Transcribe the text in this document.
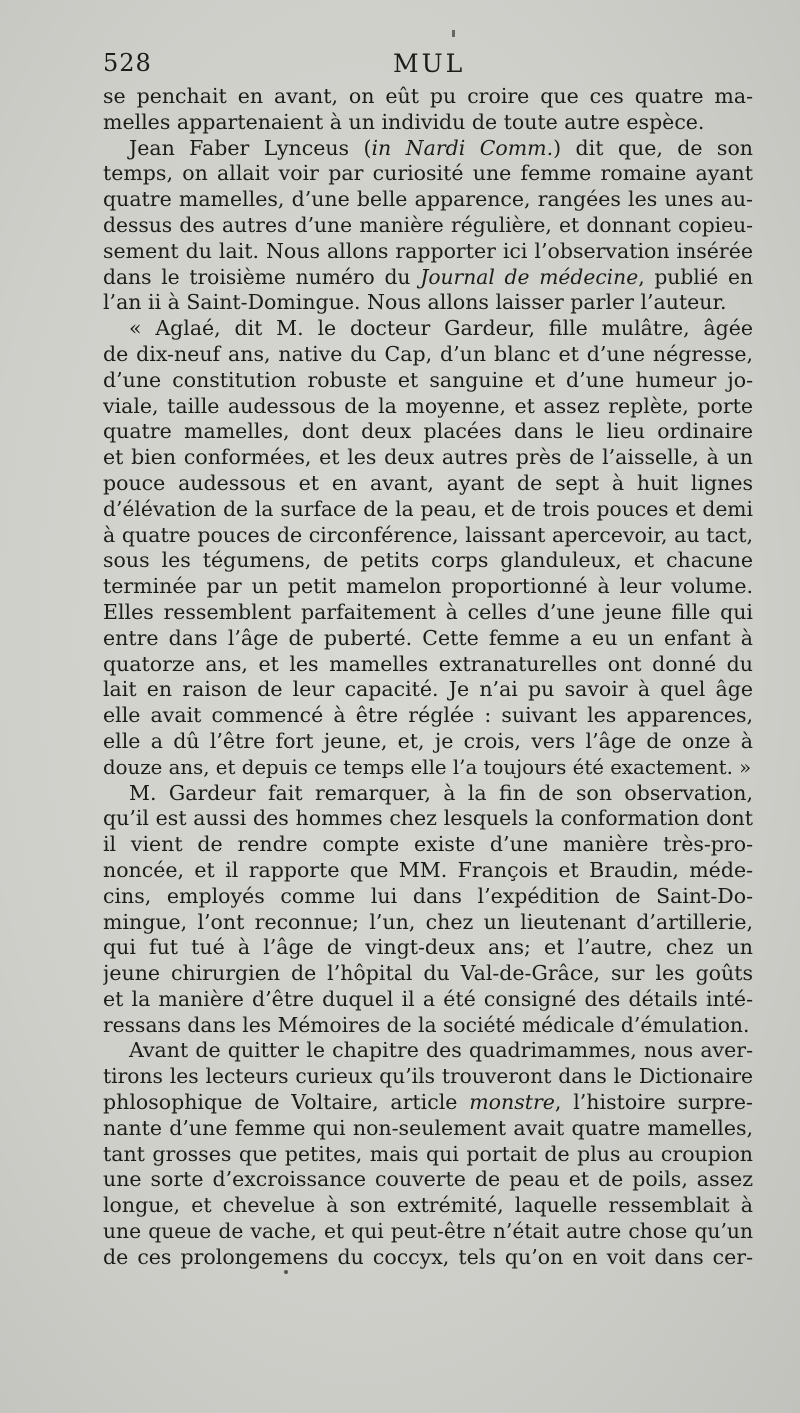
528	MUL
se penchait en avant, on eût pu croire que ces quatre ma-
melles appartenaient à un individu de toute autre espèce.
Jean Faber Lynceus (in Nardi Comm.) dit que, de son
temps, on allait voir par curiosité une femme romaine ayant
quatre mamelles, d’une belle apparence, rangées les unes au-
dessus des autres d’une manière régulière, et donnant copieu-
sement du lait. Nous allons rapporter ici l’observation insérée
dans le troisième numéro du Journal de médecine, publié en
l’an ii à Saint-Domingue. Nous allons laisser parler l’auteur.
« Aglaé, dit M. le docteur Gardeur, fille mulâtre, âgée
de dix-neuf ans, native du Cap, d’un blanc et d’une négresse,
d’une constitution robuste et sanguine et d’une humeur jo-
viale, taille audessous de la moyenne, et assez replète, porte
quatre mamelles, dont deux placées dans le lieu ordinaire
et bien conformées, et les deux autres près de l’aisselle, à un
pouce audessous et en avant, ayant de sept à huit lignes
d’élévation de la surface de la peau, et de trois pouces et demi
à quatre pouces de circonférence, laissant apercevoir, au tact,
sous les tégumens, de petits corps glanduleux, et chacune
terminée par un petit mamelon proportionné à leur volume.
Elles ressemblent parfaitement à celles d’une jeune fille qui
entre dans l’âge de puberté. Cette femme a eu un enfant à
quatorze ans, et les mamelles extranaturelles ont donné du
lait en raison de leur capacité. Je n’ai pu savoir à quel âge
elle avait commencé à être réglée : suivant les apparences,
elle a dû l’être fort jeune, et, je crois, vers l’âge de onze à
douze ans, et depuis ce temps elle l’a toujours été exactement. »
M. Gardeur fait remarquer, à la fin de son observation,
qu’il est aussi des hommes chez lesquels la conformation dont
il vient de rendre compte existe d’une manière très-pro-
noncée, et il rapporte que MM. François et Braudin, méde-
cins, employés comme lui dans l’expédition de Saint-Do-
mingue, l’ont reconnue; l’un, chez un lieutenant d’artillerie,
qui fut tué à l’âge de vingt-deux ans; et l’autre, chez un
jeune chirurgien de l’hôpital du Val-de-Grâce, sur les goûts
et la manière d’être duquel il a été consigné des détails inté-
ressans dans les Mémoires de la société médicale d’émulation.
Avant de quitter le chapitre des quadrimammes, nous aver-
tirons les lecteurs curieux qu’ils trouveront dans le Dictionaire
phlosophique de Voltaire, article monstre, l’histoire surpre-
nante d’une femme qui non-seulement avait quatre mamelles,
tant grosses que petites, mais qui portait de plus au croupion
une sorte d’excroissance couverte de peau et de poils, assez
longue, et chevelue à son extrémité, laquelle ressemblait à
une queue de vache, et qui peut-être n’était autre chose qu’un
de ces prolongemens du coccyx, tels qu’on en voit dans cer-
